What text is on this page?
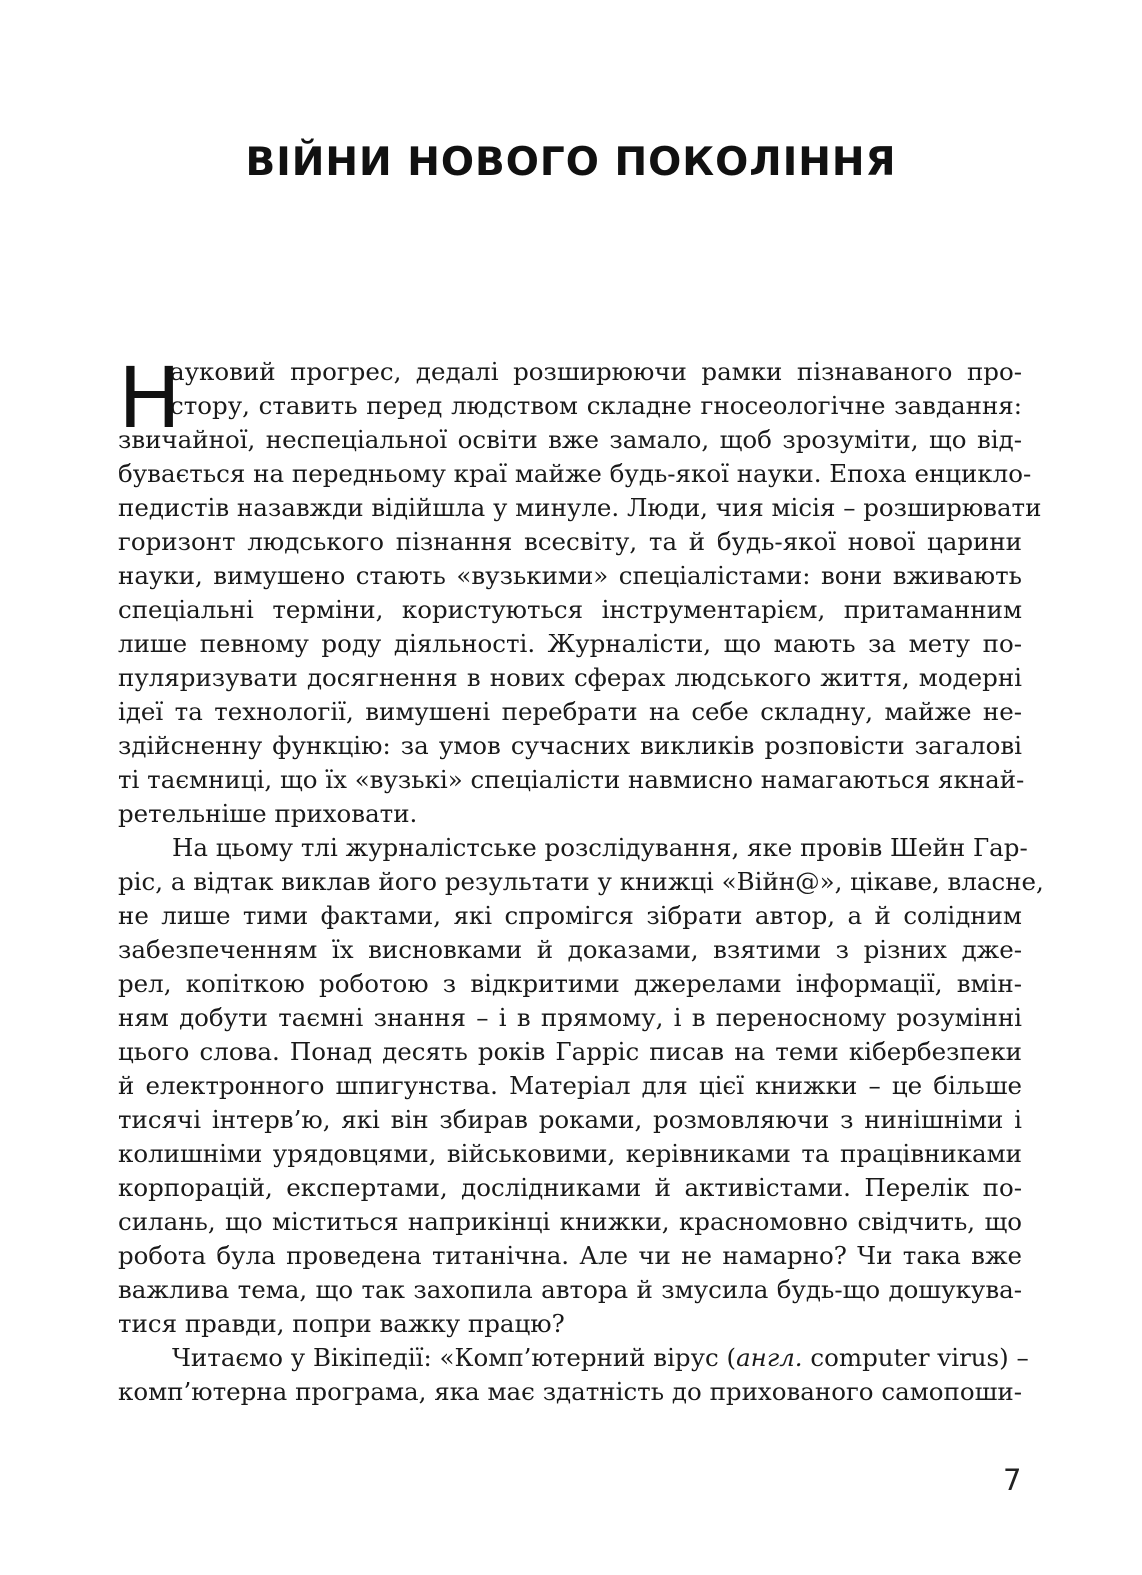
ВІЙНИ НОВОГО ПОКОЛІННЯ
Н
ауковий прогрес, дедалі розширюючи рамки пізнаваного про-
стору, ставить перед людством складне гносеологічне завдання:
звичайної, неспеціальної освіти вже замало, щоб зрозуміти, що від-
бувається на передньому краї майже будь-якої науки. Епоха енцикло-
педистів назавжди відійшла у минуле. Люди, чия місія – розширювати
горизонт людського пізнання всесвіту, та й будь-якої нової царини
науки, вимушено стають «вузькими» спеціалістами: вони вживають
спеціальні терміни, користуються інструментарієм, притаманним
лише певному роду діяльності. Журналісти, що мають за мету по-
пуляризувати досягнення в нових сферах людського життя, модерні
ідеї та технології, вимушені перебрати на себе складну, майже не-
здійсненну функцію: за умов сучасних викликів розповісти загалові
ті таємниці, що їх «вузькі» спеціалісти навмисно намагаються якнай-
ретельніше приховати.
На цьому тлі журналістське розслідування, яке провів Шейн Гар-
ріс, а відтак виклав його результати у книжці «Війн@», цікаве, власне,
не лише тими фактами, які спромігся зібрати автор, а й солідним
забезпеченням їх висновками й доказами, взятими з різних дже-
рел, копіткою роботою з відкритими джерелами інформації, вмін-
ням добути таємні знання – і в прямому, і в переносному розумінні
цього слова. Понад десять років Гарріс писав на теми кібербезпеки
й електронного шпигунства. Матеріал для цієї книжки – це більше
тисячі інтерв’ю, які він збирав роками, розмовляючи з нинішніми і
колишніми урядовцями, військовими, керівниками та працівниками
корпорацій, експертами, дослідниками й активістами. Перелік по-
силань, що міститься наприкінці книжки, красномовно свідчить, що
робота була проведена титанічна. Але чи не намарно? Чи така вже
важлива тема, що так захопила автора й змусила будь-що дошукува-
тися правди, попри важку працю?
Читаємо у Вікіпедії: «Комп’ютерний вірус (англ. computer virus) –
комп’ютерна програма, яка має здатність до прихованого самопоши-
7
